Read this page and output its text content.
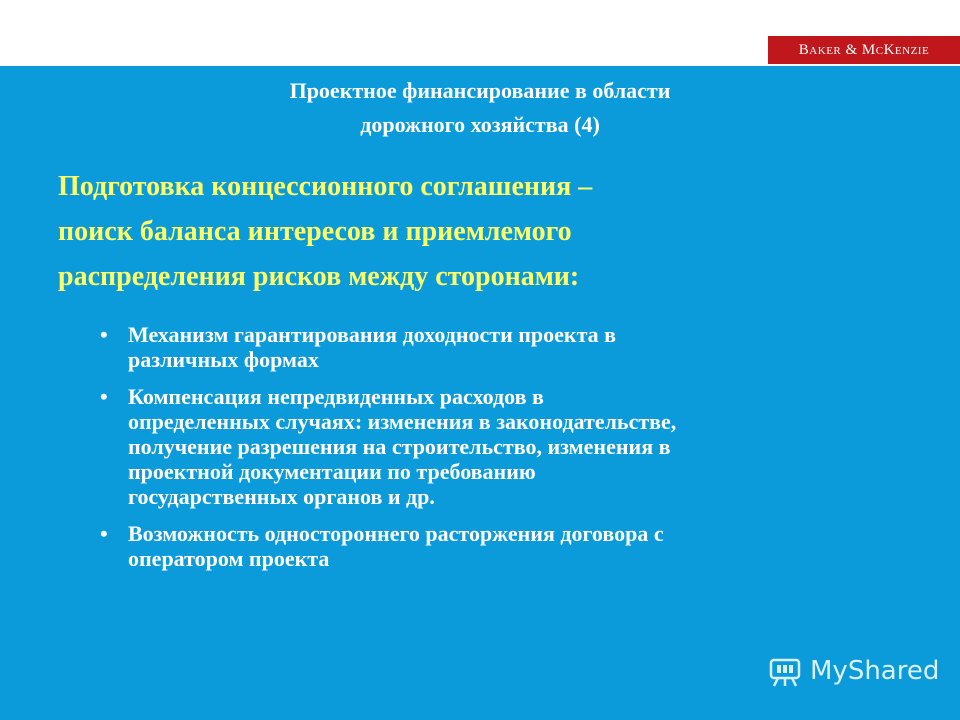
Baker & McKenzie
Проектное финансирование в области
дорожного хозяйства (4)
Подготовка концессионного соглашения –
поиск баланса интересов и приемлемого
распределения рисков между сторонами:
• Механизм гарантирования доходности проекта в
различных формах
• Компенсация непредвиденных расходов в
определенных случаях: изменения в законодательстве,
получение разрешения на строительство, изменения в
проектной документации по требованию
государственных органов и др.
• Возможность одностороннего расторжения договора с
оператором проекта
MyShared
